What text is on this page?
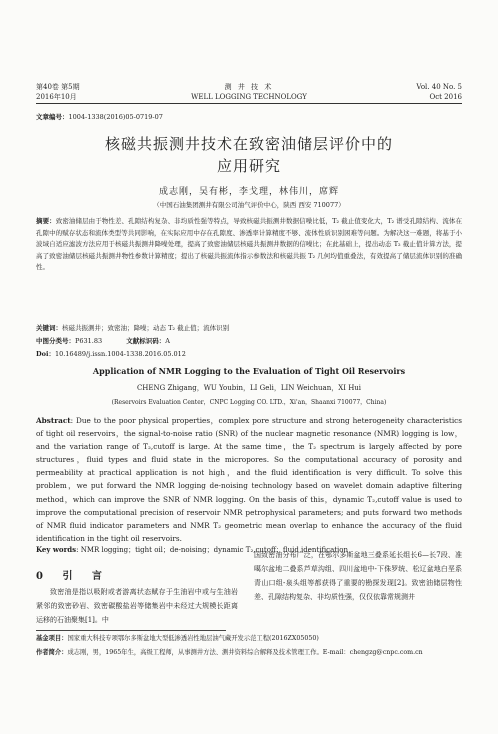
第40卷 第5期
2016年10月
测 井 技 术
WELL LOGGING TECHNOLOGY
Vol. 40 No. 5
Oct 2016
文章编号：1004-1338(2016)05-0719-07
核磁共振测井技术在致密油储层评价中的
应用研究
成志刚，吴有彬，李戈理，林伟川，席辉
（中国石油集团测井有限公司油气评价中心，陕西 西安 710077）
摘要：致密油储层由于物性差、孔隙结构复杂、非均质性强等特点，导致核磁共振测井数据信噪比低，T₂ 截止值变化大，T₂ 谱受孔隙结构、流体在孔隙中的赋存状态和流体类型等共同影响，在实际应用中存在孔隙度、渗透率计算精度不够、流体性质识别困难等问题。为解决这一难题，将基于小波域自适应滤波方法应用于核磁共振测井降噪处理，提高了致密油储层核磁共振测井数据的信噪比；在此基础上，提出动态 T₂ 截止值计算方法，提高了致密油储层核磁共振测井物性参数计算精度；提出了核磁共振流体指示参数法和核磁共振 T₂ 几何均值重叠法，有效提高了储层流体识别的准确性。
关键词：核磁共振测井；致密油；降噪；动态 T₂ 截止值；流体识别
中图分类号：P631.83	文献标识码：A
Doi：10.16489/j.issn.1004-1338.2016.05.012
Application of NMR Logging to the Evaluation of Tight Oil Reservoirs
CHENG Zhigang，WU Youbin，LI Geli，LIN Weichuan，XI Hui
(Reservoirs Evaluation Center，CNPC Logging CO. LTD.，Xi'an，Shaanxi 710077，China)
Abstract: Due to the poor physical properties，complex pore structure and strong heterogeneity characteristics of tight oil reservoirs，the signal-to-noise ratio (SNR) of the nuclear magnetic resonance (NMR) logging is low，and the variation range of T₂,cutoff is large. At the same time，the T₂ spectrum is largely affected by pore structures，fluid types and fluid state in the micropores. So the computational accuracy of porosity and permeability at practical application is not high，and the fluid identification is very difficult. To solve this problem，we put forward the NMR logging de-noising technology based on wavelet domain adaptive filtering method，which can improve the SNR of NMR logging. On the basis of this，dynamic T₂,cutoff value is used to improve the computational precision of reservoir NMR petrophysical parameters; and puts forward two methods of NMR fluid indicator parameters and NMR T₂ geometric mean overlap to enhance the accuracy of the fluid identification in the tight oil reservoirs.
Key words: NMR logging；tight oil；de-noising；dynamic T₂,cutoff；fluid identification
0 引 言
致密油是指以吸附或者游离状态赋存于生油岩中或与生油岩紧邻的致密砂岩、致密碳酸盐岩等储集岩中未经过大规模长距离运移的石油聚集[1]。中
国致密油分布广泛，在鄂尔多斯盆地三叠系延长组长6—长7段、准噶尔盆地二叠系芦草沟组、四川盆地中-下侏罗统、松辽盆地白垩系青山口组-泉头组等都获得了重要的勘探发现[2]。致密油储层物性差、孔隙结构复杂、非均质性强，仅仅依靠常规测井
基金项目：国家重大科技专项鄂尔多斯盆地大型低渗透岩性地层油气藏开发示范工程(2016ZX05050)
作者简介：成志刚，男，1965年生，高级工程师，从事测井方法、测井资料综合解释及技术管理工作。E-mail：chengzg@cnpc.com.cn
